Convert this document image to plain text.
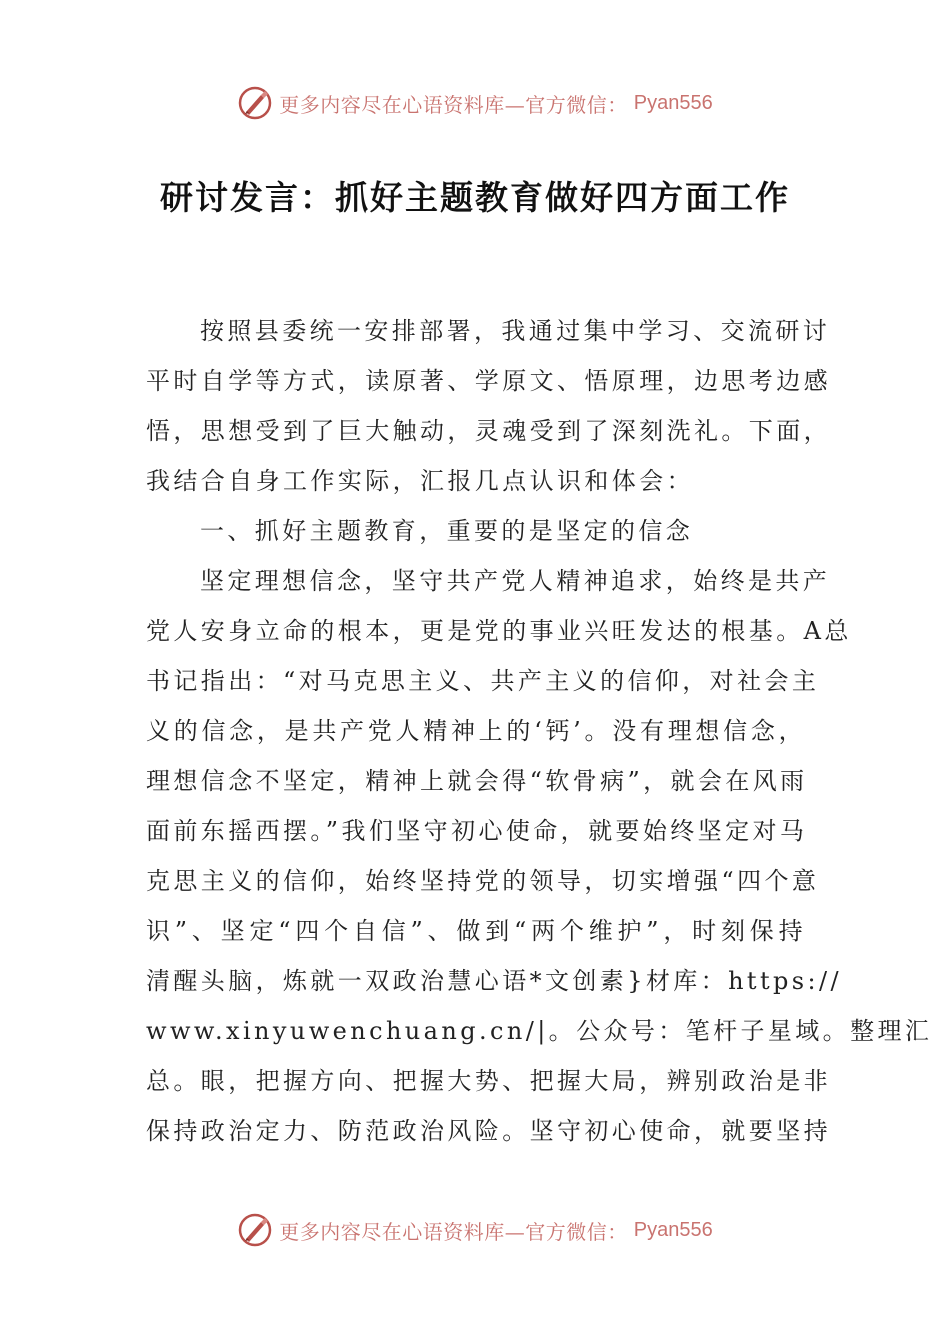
更多内容尽在心语资料库—官方微信： Pyan556
研讨发言：抓好主题教育做好四方面工作
按照县委统一安排部署，我通过集中学习、交流研讨
平时自学等方式，读原著、学原文、悟原理，边思考边感
悟，思想受到了巨大触动，灵魂受到了深刻洗礼。下面，
我结合自身工作实际，汇报几点认识和体会：
一、抓好主题教育，重要的是坚定的信念
坚定理想信念，坚守共产党人精神追求，始终是共产
党人安身立命的根本，更是党的事业兴旺发达的根基。A总
书记指出：“对马克思主义、共产主义的信仰，对社会主
义的信念，是共产党人精神上的‘钙’。没有理想信念，
理想信念不坚定，精神上就会得“软骨病”，就会在风雨
面前东摇西摆。”我们坚守初心使命，就要始终坚定对马
克思主义的信仰，始终坚持党的领导，切实增强“四个意
识”、坚定“四个自信”、做到“两个维护”，时刻保持
清醒头脑，炼就一双政治慧心语*文创素}材库：https://
www.xinyuwenchuang.cn/|。公众号：笔杆子星域。整理汇
总。眼，把握方向、把握大势、把握大局，辨别政治是非
保持政治定力、防范政治风险。坚守初心使命，就要坚持
更多内容尽在心语资料库—官方微信： Pyan556
